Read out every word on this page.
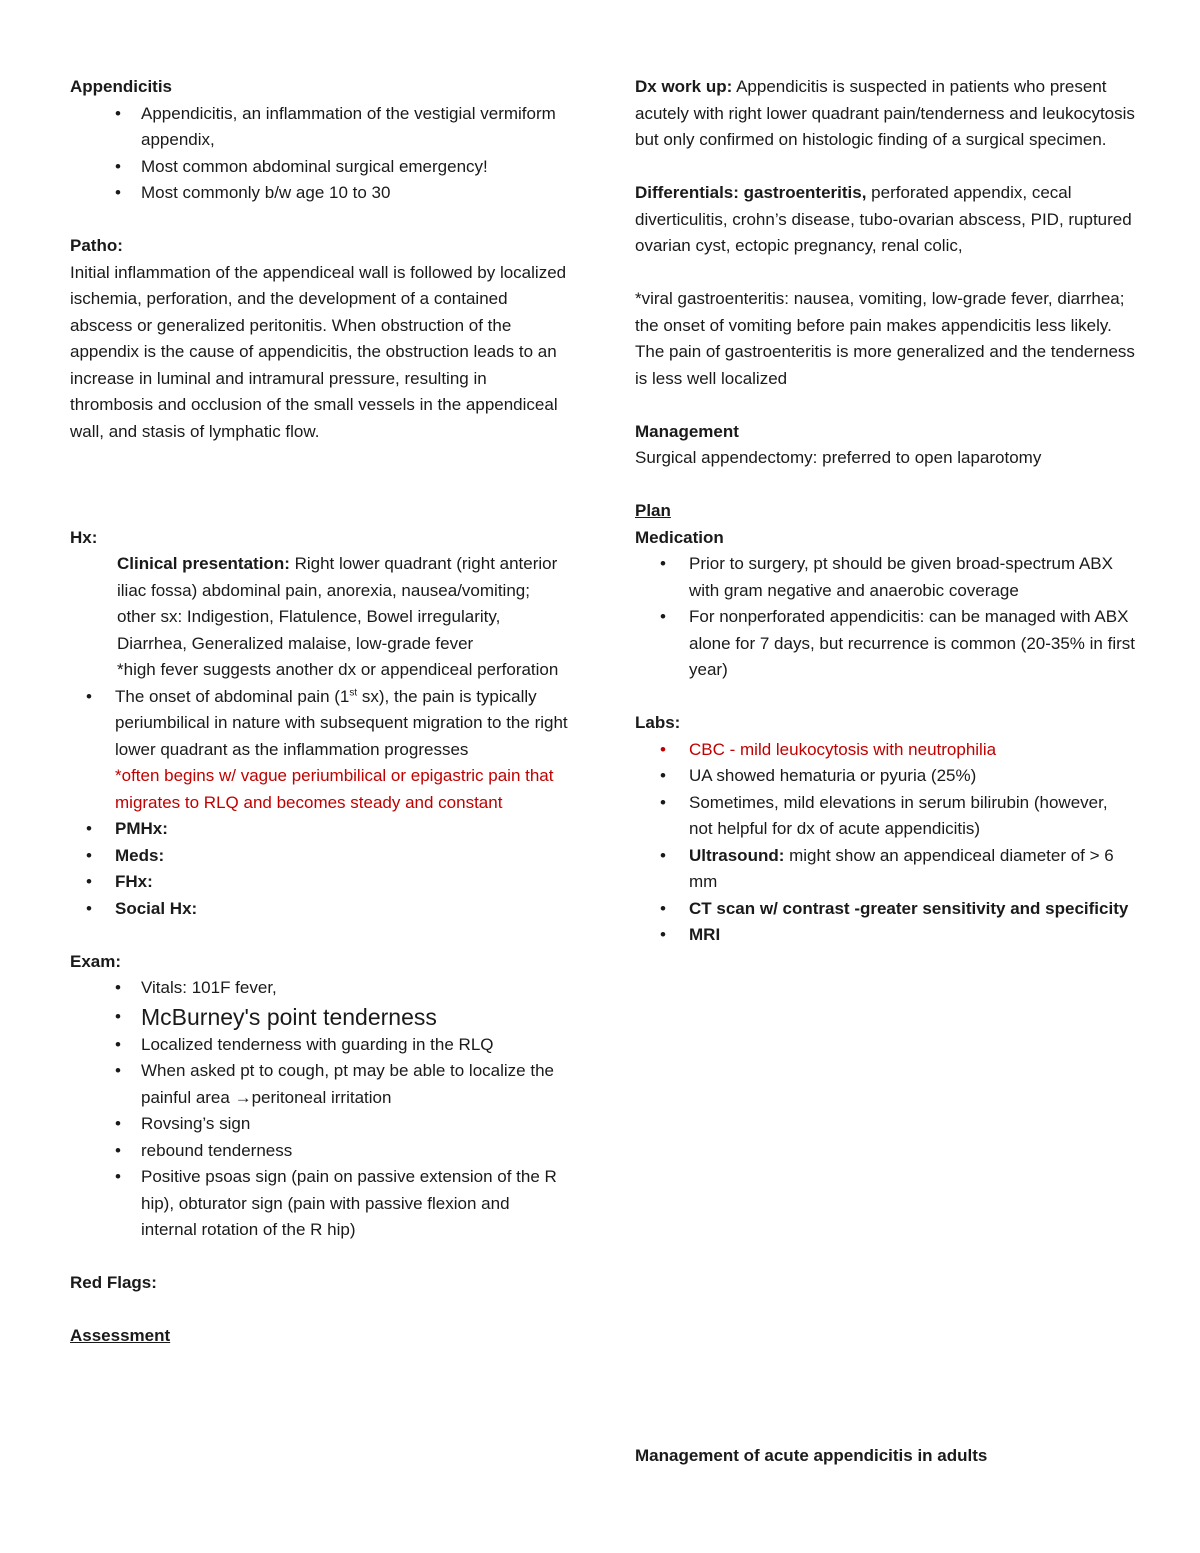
Appendicitis
• Appendicitis, an inflammation of the vestigial vermiform appendix,
• Most common abdominal surgical emergency!
• Most commonly b/w age 10 to 30
Patho:

Initial inflammation of the appendiceal wall is followed by localized ischemia, perforation, and the development of a contained abscess or generalized peritonitis. When obstruction of the appendix is the cause of appendicitis, the obstruction leads to an increase in luminal and intramural pressure, resulting in thrombosis and occlusion of the small vessels in the appendiceal wall, and stasis of lymphatic flow.

Hx:

Clinical presentation: Right lower quadrant (right anterior iliac fossa) abdominal pain, anorexia, nausea/vomiting; other sx: Indigestion, Flatulence, Bowel irregularity, Diarrhea, Generalized malaise, low-grade fever

*high fever suggests another dx or appendiceal perforation

• The onset of abdominal pain (1st sx), the pain is typically periumbilical in nature with subsequent migration to the right lower quadrant as the inflammation progresses
*often begins w/ vague periumbilical or epigastric pain that migrates to RLQ and becomes steady and constant
• PMHx:
• Meds:
• FHx:
• Social Hx:
Exam:
• Vitals: 101F fever,
• McBurney's point tenderness
• Localized tenderness with guarding in the RLQ
• When asked pt to cough, pt may be able to localize the painful area →peritoneal irritation
• Rovsing’s sign
• rebound tenderness
• Positive psoas sign (pain on passive extension of the R hip), obturator sign (pain with passive flexion and internal rotation of the R hip)
Red Flags:
Assessment

Dx work up: Appendicitis is suspected in patients who present acutely with right lower quadrant pain/tenderness and leukocytosis but only confirmed on histologic finding of a surgical specimen.

Differentials: gastroenteritis, perforated appendix, cecal diverticulitis, crohn’s disease, tubo-ovarian abscess, PID, ruptured ovarian cyst, ectopic pregnancy, renal colic,

*viral gastroenteritis: nausea, vomiting, low-grade fever, diarrhea; the onset of vomiting before pain makes appendicitis less likely. The pain of gastroenteritis is more generalized and the tenderness is less well localized

Management

Surgical appendectomy: preferred to open laparotomy

Plan
Medication
• Prior to surgery, pt should be given broad-spectrum ABX with gram negative and anaerobic coverage
• For nonperforated appendicitis: can be managed with ABX alone for 7 days, but recurrence is common (20-35% in first year)
Labs:
• CBC - mild leukocytosis with neutrophilia
• UA showed hematuria or pyuria (25%)
• Sometimes, mild elevations in serum bilirubin (however, not helpful for dx of acute appendicitis)
• Ultrasound: might show an appendiceal diameter of > 6 mm
• CT scan w/ contrast -greater sensitivity and specificity
• MRI
Management of acute appendicitis in adults
